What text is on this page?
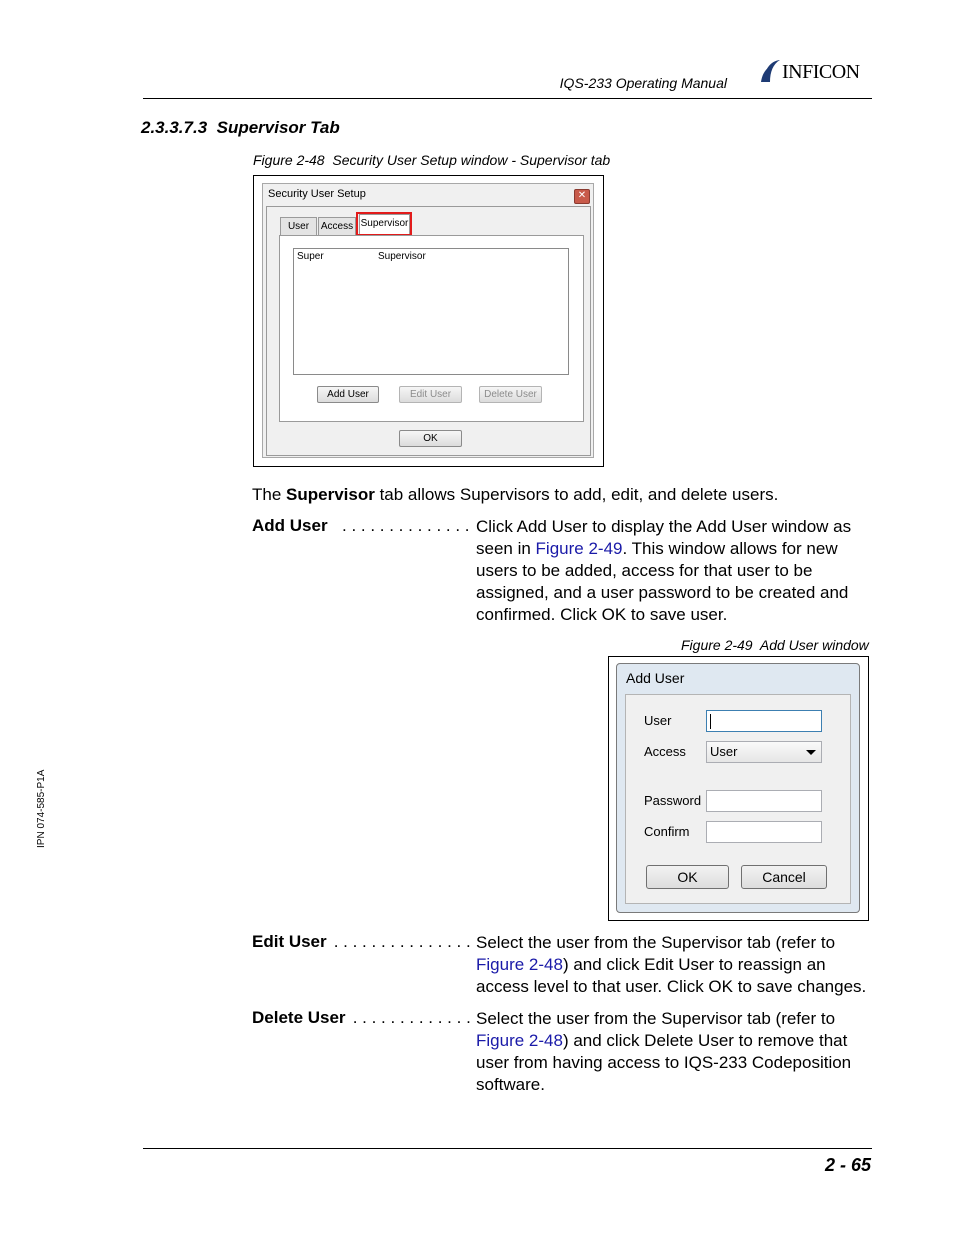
IQS-233 Operating Manual	INFICON
2.3.3.7.3  Supervisor Tab
Figure 2-48  Security User Setup window - Supervisor tab
Security User Setup	✕
User	Access Supervisor
Super	Supervisor
Add User	Edit User	Delete User
OK
The Supervisor tab allows Supervisors to add, edit, and delete users.
Add User . . . . . . . . . . . . . . Click Add User to display the Add User window as seen in Figure 2-49. This window allows for new users to be added, access for that user to be assigned, and a user password to be created and confirmed. Click OK to save user.
Figure 2-49  Add User window
Add User
User
Access	User
Password
Confirm
OK	Cancel
Edit User . . . . . . . . . . . . . . . Select the user from the Supervisor tab (refer to Figure 2-48) and click Edit User to reassign an access level to that user. Click OK to save changes.
Delete User . . . . . . . . . . . . . Select the user from the Supervisor tab (refer to Figure 2-48) and click Delete User to remove that user from having access to IQS-233 Codeposition software.
IPN 074-585-P1A
2 - 65
